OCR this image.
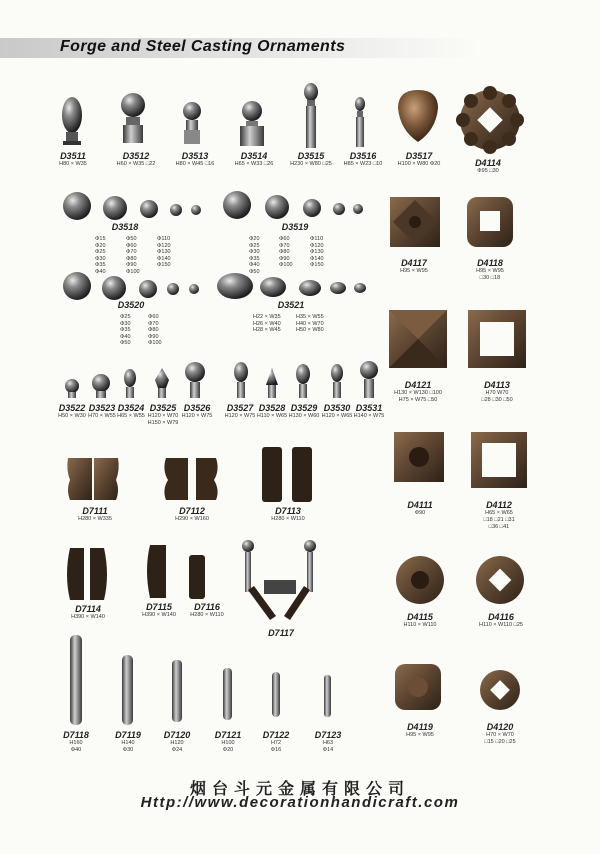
Forge and Steel Casting Ornaments
D3511
H80 × W35
D3512
H60 × W35 □22
D3513
H80 × W45 □16
D3514
H65 × W33 □26
D3515
H230 × W80 □25
D3516
H85 × W23 □10
D3517
H100 × W80 Φ20	D4114
Φ95 □30
D3518
Φ15
Φ20
Φ25
Φ30
Φ35
Φ40
Φ50
Φ60
Φ70
Φ80
Φ90
Φ100
Φ110
Φ120
Φ130
Φ140
Φ150
D3519
Φ20
Φ25
Φ30
Φ35
Φ40
Φ50
Φ60
Φ70
Φ80
Φ90
Φ100
Φ110
Φ120
Φ130
Φ140
Φ150	D4117
H95 × W95
D4118
H95 × W95
□30 □18
D3520
Φ25
Φ30
Φ35
Φ40
Φ50
Φ60
Φ70
Φ80
Φ90
Φ100
D3521
H22 × W35
H26 × W40
H28 × W45
H35 × W55
H40 × W70
H50 × W80
D4121
H130 × W130 □100
H75 × W75 □50
D4113
H70 W70
□28 □30 □50
D3522
H50 × W30
D3523
H70 × W55
D3524
H65 × W55
D3525
H120 × W70
H150 × W79
D3526
H120 × W75
D3527
H120 × W75
D3528
H110 × W65
D3529
H130 × W60
D3530
H120 × W65
D3531
H140 × W75
D7111
H280 × W335
D7112
H290 × W160
D7113
H280 × W110
D4111
Φ90
D4112
H65 × W65
□18 □21 □31
□36 □41
D7114
H390 × W140
D7115
H390 × W140
D7116
H280 × W110
D7117
D4115
H110 × W110
D4116
H110 × W110 □25
D7118
H160
Φ40
D7119
H140
Φ30
D7120
H120
Φ24
D7121
H100
Φ20
D7122
H72
Φ16
D7123
H63
Φ14
D4119
H95 × W95
D4120
H70 × W70
□15 □20 □25
烟台斗元金属有限公司
Http://www.decorationhandicraft.com
